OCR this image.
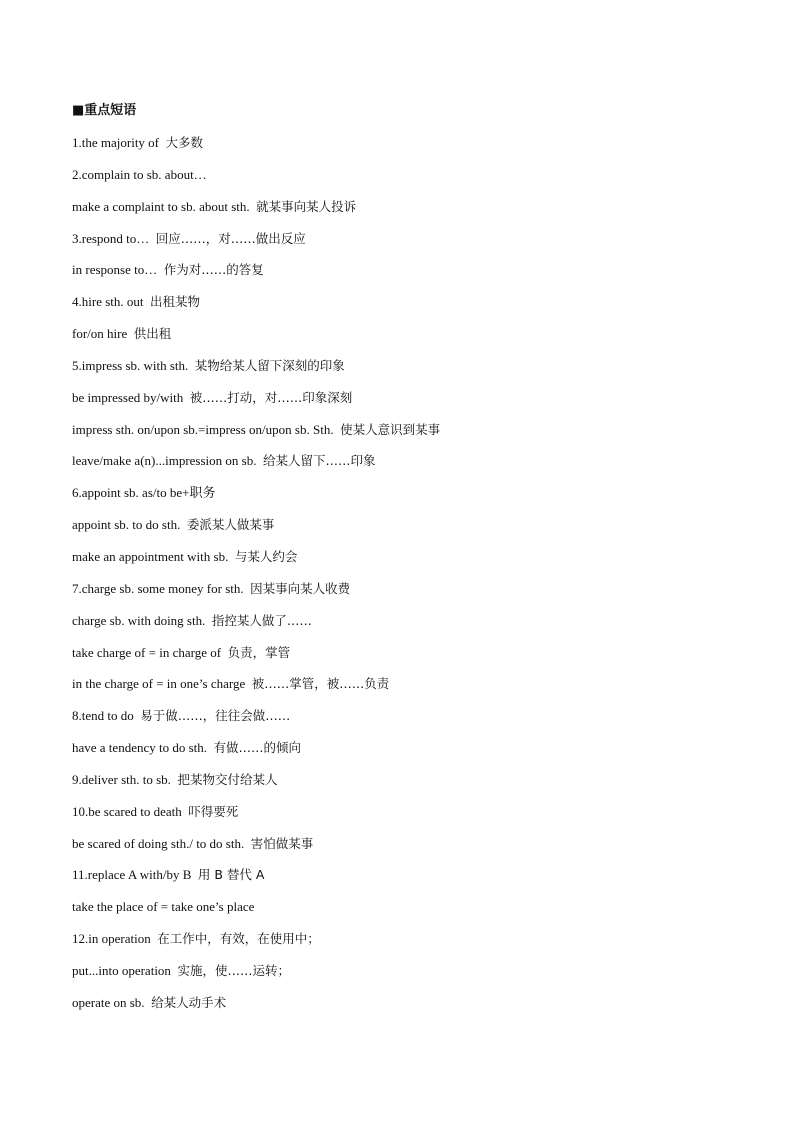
■重点短语
1.the majority of 大多数
2.complain to sb. about…
make a complaint to sb. about sth. 就某事向某人投诉
3.respond to… 回应……，对……做出反应
in response to… 作为对……的答复
4.hire sth. out 出租某物
for/on hire 供出租
5.impress sb. with sth. 某物给某人留下深刻的印象
be impressed by/with 被……打动，对……印象深刻
impress sth. on/upon sb.=impress on/upon sb. Sth. 使某人意识到某事
leave/make a(n)...impression on sb. 给某人留下……印象
6.appoint sb. as/to be+职务
appoint sb. to do sth. 委派某人做某事
make an appointment with sb. 与某人约会
7.charge sb. some money for sth. 因某事向某人收费
charge sb. with doing sth. 指控某人做了……
take charge of = in charge of 负责，掌管
in the charge of = in one’s charge 被……掌管，被……负责
8.tend to do 易于做……，往往会做……
have a tendency to do sth. 有做……的倾向
9.deliver sth. to sb. 把某物交付给某人
10.be scared to death 吓得要死
be scared of doing sth./ to do sth. 害怕做某事
11.replace A with/by B 用 B 替代 A
take the place of = take one’s place
12.in operation 在工作中，有效，在使用中；
put...into operation 实施，使……运转；
operate on sb. 给某人动手术
